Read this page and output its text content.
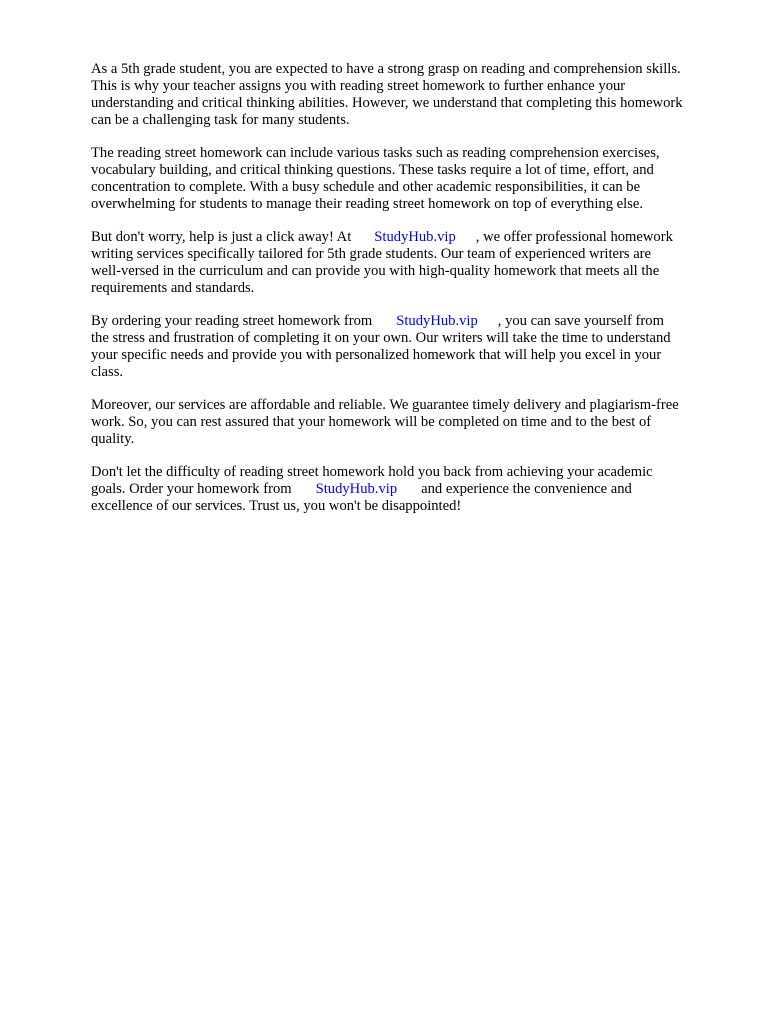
As a 5th grade student, you are expected to have a strong grasp on reading and comprehension skills.
This is why your teacher assigns you with reading street homework to further enhance your
understanding and critical thinking abilities. However, we understand that completing this homework
can be a challenging task for many students.

The reading street homework can include various tasks such as reading comprehension exercises,
vocabulary building, and critical thinking questions. These tasks require a lot of time, effort, and
concentration to complete. With a busy schedule and other academic responsibilities, it can be
overwhelming for students to manage their reading street homework on top of everything else.

But don't worry, help is just a click away! At StudyHub.vip , we offer professional homework
writing services specifically tailored for 5th grade students. Our team of experienced writers are
well-versed in the curriculum and can provide you with high-quality homework that meets all the
requirements and standards.

By ordering your reading street homework from StudyHub.vip , you can save yourself from
the stress and frustration of completing it on your own. Our writers will take the time to understand
your specific needs and provide you with personalized homework that will help you excel in your
class.

Moreover, our services are affordable and reliable. We guarantee timely delivery and plagiarism-free
work. So, you can rest assured that your homework will be completed on time and to the best of
quality.

Don't let the difficulty of reading street homework hold you back from achieving your academic
goals. Order your homework from StudyHub.vip and experience the convenience and
excellence of our services. Trust us, you won't be disappointed!
